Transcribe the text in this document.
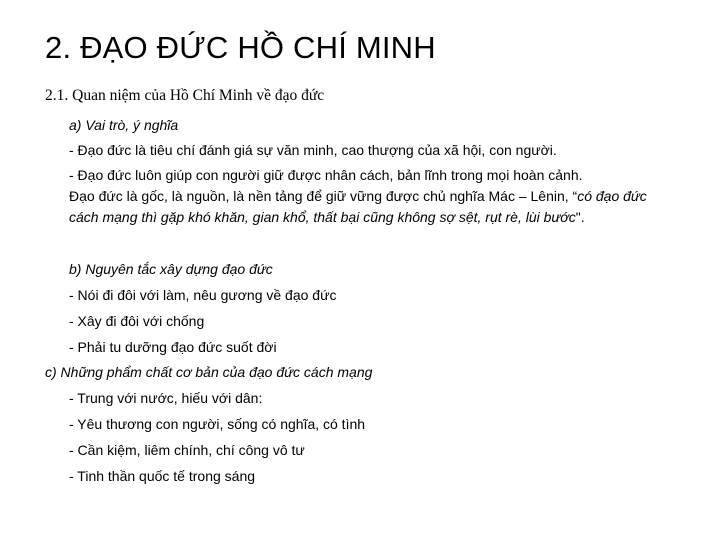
2. ĐẠO ĐỨC HỒ CHÍ MINH
2.1. Quan niệm của Hồ Chí Minh về đạo đức
a) Vai trò, ý nghĩa
- Đạo đức là tiêu chí đánh giá sự văn minh, cao thượng của xã hội, con người.
- Đạo đức luôn giúp con người giữ được nhân cách, bản lĩnh trong mọi hoàn cảnh.
Đạo đức là gốc, là nguồn, là nền tảng để giữ vững được chủ nghĩa Mác – Lênin, “có đạo đức cách mạng thì gặp khó khăn, gian khổ, thất bại cũng không sợ sệt, rụt rè, lùi bước".
b) Nguyên tắc xây dựng đạo đức
- Nói đi đôi với làm, nêu gương về đạo đức
- Xây đi đôi với chống
- Phải tu dưỡng đạo đức suốt đời
c) Những phẩm chất cơ bản của đạo đức cách mạng
- Trung với nước, hiếu với dân:
- Yêu thương con người, sống có nghĩa, có tình
- Cần kiệm, liêm chính, chí công vô tư
- Tinh thần quốc tế trong sáng
